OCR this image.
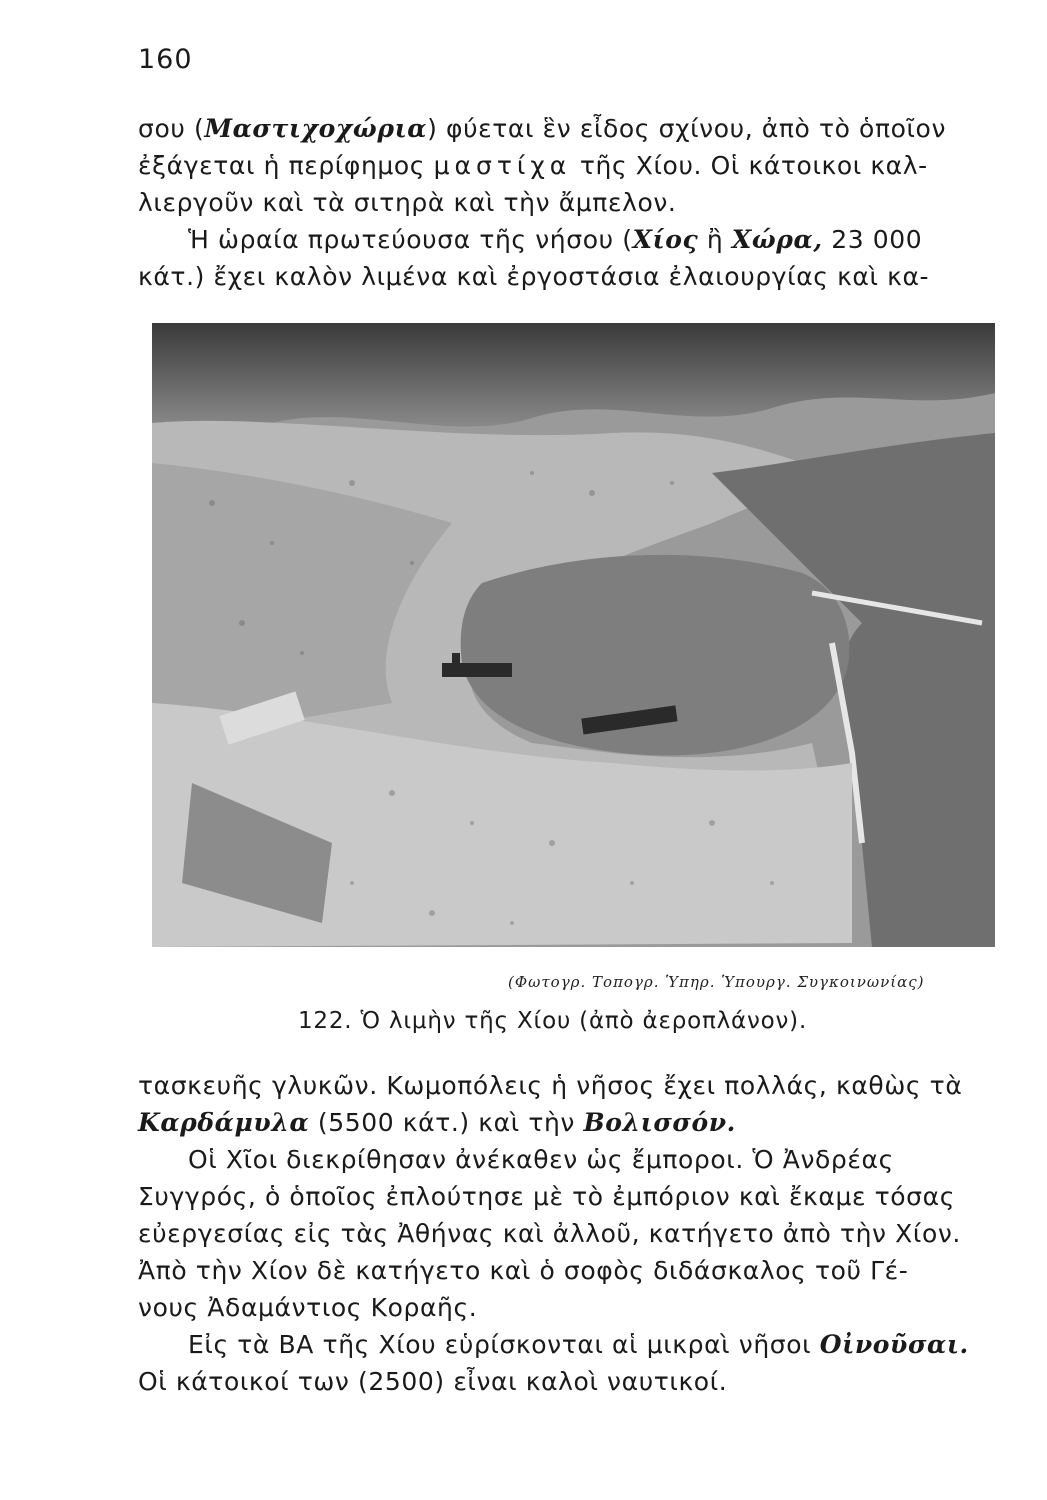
160
σου (Μαστιχοχώρια) φύεται ἓν εἶδος σχίνου, ἀπὸ τὸ ὁποῖον
ἐξάγεται ἡ περίφημος μαστίχα τῆς Χίου. Οἱ κάτοικοι καλ-
λιεργοῦν καὶ τὰ σιτηρὰ καὶ τὴν ἄμπελον.
Ἡ ὡραία πρωτεύουσα τῆς νήσου (Χίος ἢ Χώρα, 23 000
κάτ.) ἔχει καλὸν λιμένα καὶ ἐργοστάσια ἐλαιουργίας καὶ κα-
(Φωτογρ. Τοπογρ. Ὑπηρ. Ὑπουργ. Συγκοινωνίας)
122. Ὁ λιμὴν τῆς Χίου (ἀπὸ ἀεροπλάνον).
τασκευῆς γλυκῶν. Κωμοπόλεις ἡ νῆσος ἔχει πολλάς, καθὼς τὰ
Καρδάμυλα (5500 κάτ.) καὶ τὴν Βολισσόν.
Οἱ Χῖοι διεκρίθησαν ἀνέκαθεν ὡς ἔμποροι. Ὁ Ἀνδρέας
Συγγρός, ὁ ὁποῖος ἐπλούτησε μὲ τὸ ἐμπόριον καὶ ἔκαμε τόσας
εὐεργεσίας εἰς τὰς Ἀθήνας καὶ ἀλλοῦ, κατήγετο ἀπὸ τὴν Χίον.
Ἀπὸ τὴν Χίον δὲ κατήγετο καὶ ὁ σοφὸς διδάσκαλος τοῦ Γέ-
νους Ἀδαμάντιος Κοραῆς.
Εἰς τὰ ΒΑ τῆς Χίου εὑρίσκονται αἱ μικραὶ νῆσοι Οἰνοῦσαι.
Οἱ κάτοικοί των (2500) εἶναι καλοὶ ναυτικοί.
